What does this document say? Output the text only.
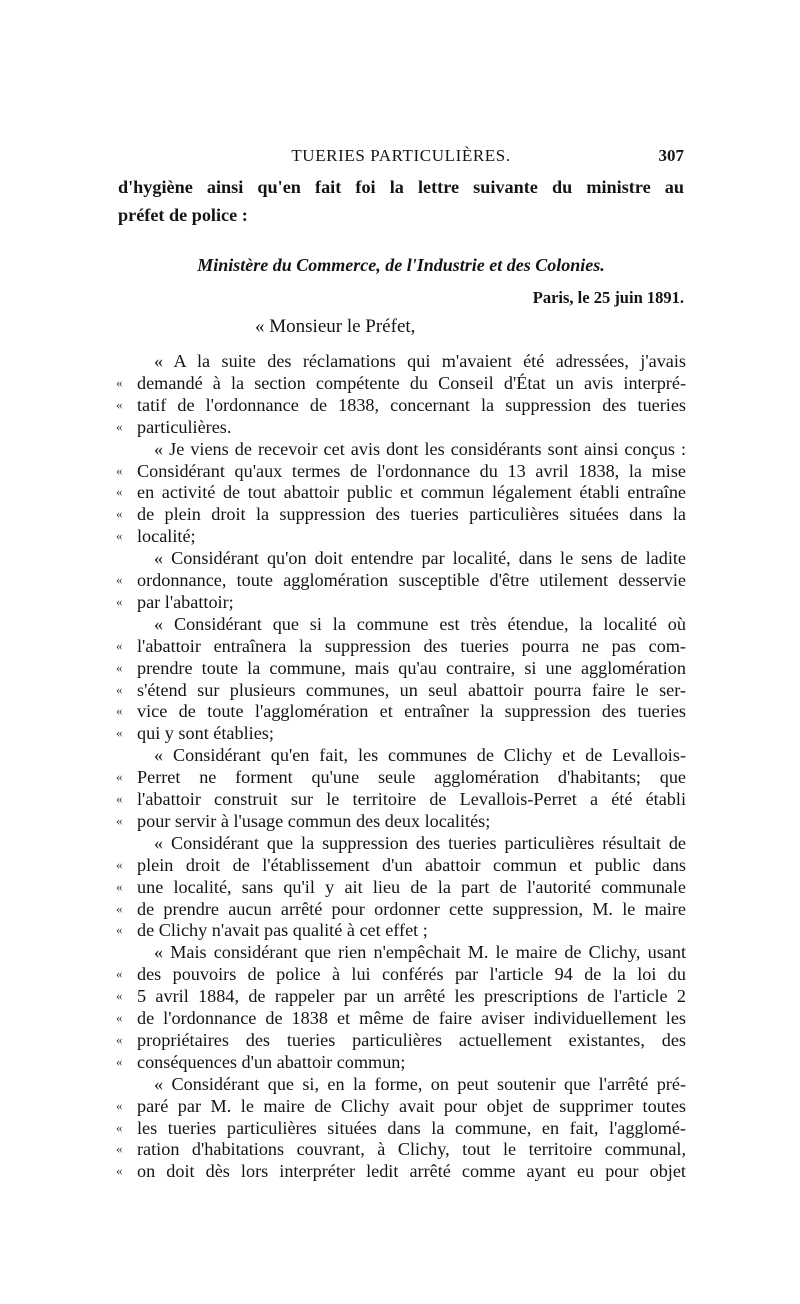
TUERIES PARTICULIÈRES.	307
d'hygiène ainsi qu'en fait foi la lettre suivante du ministre au
préfet de police :
Ministère du Commerce, de l'Industrie et des Colonies.
Paris, le 25 juin 1891.
« Monsieur le Préfet,
« A la suite des réclamations qui m'avaient été adressées, j'avais
« demandé à la section compétente du Conseil d'État un avis interpré-
« tatif de l'ordonnance de 1838, concernant la suppression des tueries
« particulières.
« Je viens de recevoir cet avis dont les considérants sont ainsi conçus :
« Considérant qu'aux termes de l'ordonnance du 13 avril 1838, la mise
« en activité de tout abattoir public et commun légalement établi entraîne
« de plein droit la suppression des tueries particulières situées dans la
« localité;
« Considérant qu'on doit entendre par localité, dans le sens de ladite
« ordonnance, toute agglomération susceptible d'être utilement desservie
« par l'abattoir;
« Considérant que si la commune est très étendue, la localité où
« l'abattoir entraînera la suppression des tueries pourra ne pas com-
« prendre toute la commune, mais qu'au contraire, si une agglomération
« s'étend sur plusieurs communes, un seul abattoir pourra faire le ser-
« vice de toute l'agglomération et entraîner la suppression des tueries
« qui y sont établies;
« Considérant qu'en fait, les communes de Clichy et de Levallois-
« Perret ne forment qu'une seule agglomération d'habitants; que
« l'abattoir construit sur le territoire de Levallois-Perret a été établi
« pour servir à l'usage commun des deux localités;
« Considérant que la suppression des tueries particulières résultait de
« plein droit de l'établissement d'un abattoir commun et public dans
« une localité, sans qu'il y ait lieu de la part de l'autorité communale
« de prendre aucun arrêté pour ordonner cette suppression, M. le maire
« de Clichy n'avait pas qualité à cet effet ;
« Mais considérant que rien n'empêchait M. le maire de Clichy, usant
« des pouvoirs de police à lui conférés par l'article 94 de la loi du
« 5 avril 1884, de rappeler par un arrêté les prescriptions de l'article 2
« de l'ordonnance de 1838 et même de faire aviser individuellement les
« propriétaires des tueries particulières actuellement existantes, des
« conséquences d'un abattoir commun;
« Considérant que si, en la forme, on peut soutenir que l'arrêté pré-
« paré par M. le maire de Clichy avait pour objet de supprimer toutes
« les tueries particulières situées dans la commune, en fait, l'agglomé-
« ration d'habitations couvrant, à Clichy, tout le territoire communal,
« on doit dès lors interpréter ledit arrêté comme ayant eu pour objet
